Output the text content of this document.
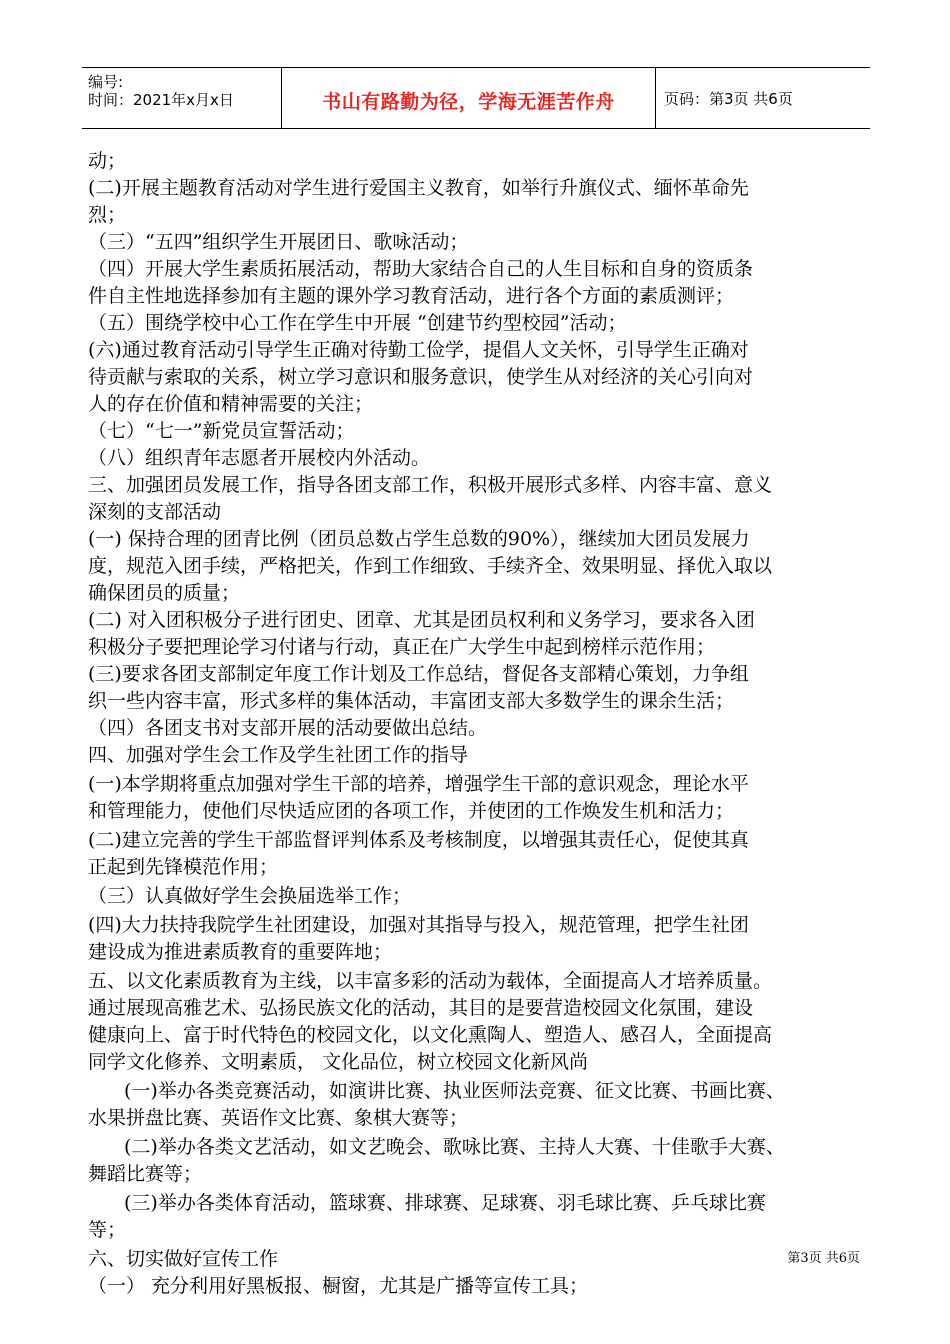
编号:
时间：2021年x月x日	书山有路勤为径，学海无涯苦作舟	页码：第3页 共6页

动；

(二)开展主题教育活动对学生进行爱国主义教育，如举行升旗仪式、缅怀革命先

烈；

（三）“五四”组织学生开展团日、歌咏活动；

（四）开展大学生素质拓展活动，帮助大家结合自己的人生目标和自身的资质条

件自主性地选择参加有主题的课外学习教育活动，进行各个方面的素质测评；

（五）围绕学校中心工作在学生中开展 “创建节约型校园”活动；

(六)通过教育活动引导学生正确对待勤工俭学，提倡人文关怀，引导学生正确对

待贡献与索取的关系，树立学习意识和服务意识，使学生从对经济的关心引向对

人的存在价值和精神需要的关注；

（七）“七一”新党员宣誓活动；

（八）组织青年志愿者开展校内外活动。

三、加强团员发展工作，指导各团支部工作，积极开展形式多样、内容丰富、意义

深刻的支部活动

(一) 保持合理的团青比例（团员总数占学生总数的90%），继续加大团员发展力

度，规范入团手续，严格把关，作到工作细致、手续齐全、效果明显、择优入取以

确保团员的质量；

(二) 对入团积极分子进行团史、团章、尤其是团员权利和义务学习，要求各入团

积极分子要把理论学习付诸与行动，真正在广大学生中起到榜样示范作用；

(三)要求各团支部制定年度工作计划及工作总结，督促各支部精心策划，力争组

织一些内容丰富，形式多样的集体活动，丰富团支部大多数学生的课余生活；

（四）各团支书对支部开展的活动要做出总结。

四、加强对学生会工作及学生社团工作的指导

(一)本学期将重点加强对学生干部的培养，增强学生干部的意识观念，理论水平

和管理能力，使他们尽快适应团的各项工作，并使团的工作焕发生机和活力；

(二)建立完善的学生干部监督评判体系及考核制度，以增强其责任心，促使其真

正起到先锋模范作用；

（三）认真做好学生会换届选举工作；

(四)大力扶持我院学生社团建设，加强对其指导与投入，规范管理，把学生社团

建设成为推进素质教育的重要阵地；

五、以文化素质教育为主线，以丰富多彩的活动为载体，全面提高人才培养质量。

通过展现高雅艺术、弘扬民族文化的活动，其目的是要营造校园文化氛围，建设

健康向上、富于时代特色的校园文化，以文化熏陶人、塑造人、感召人，全面提高

同学文化修养、文明素质， 文化品位，树立校园文化新风尚

(一)举办各类竞赛活动，如演讲比赛、执业医师法竞赛、征文比赛、书画比赛、

水果拼盘比赛、英语作文比赛、象棋大赛等；

(二)举办各类文艺活动，如文艺晚会、歌咏比赛、主持人大赛、十佳歌手大赛、

舞蹈比赛等；

(三)举办各类体育活动，篮球赛、排球赛、足球赛、羽毛球比赛、乒乓球比赛

等；

六、切实做好宣传工作

（一） 充分利用好黑板报、橱窗，尤其是广播等宣传工具；

第3页 共6页
